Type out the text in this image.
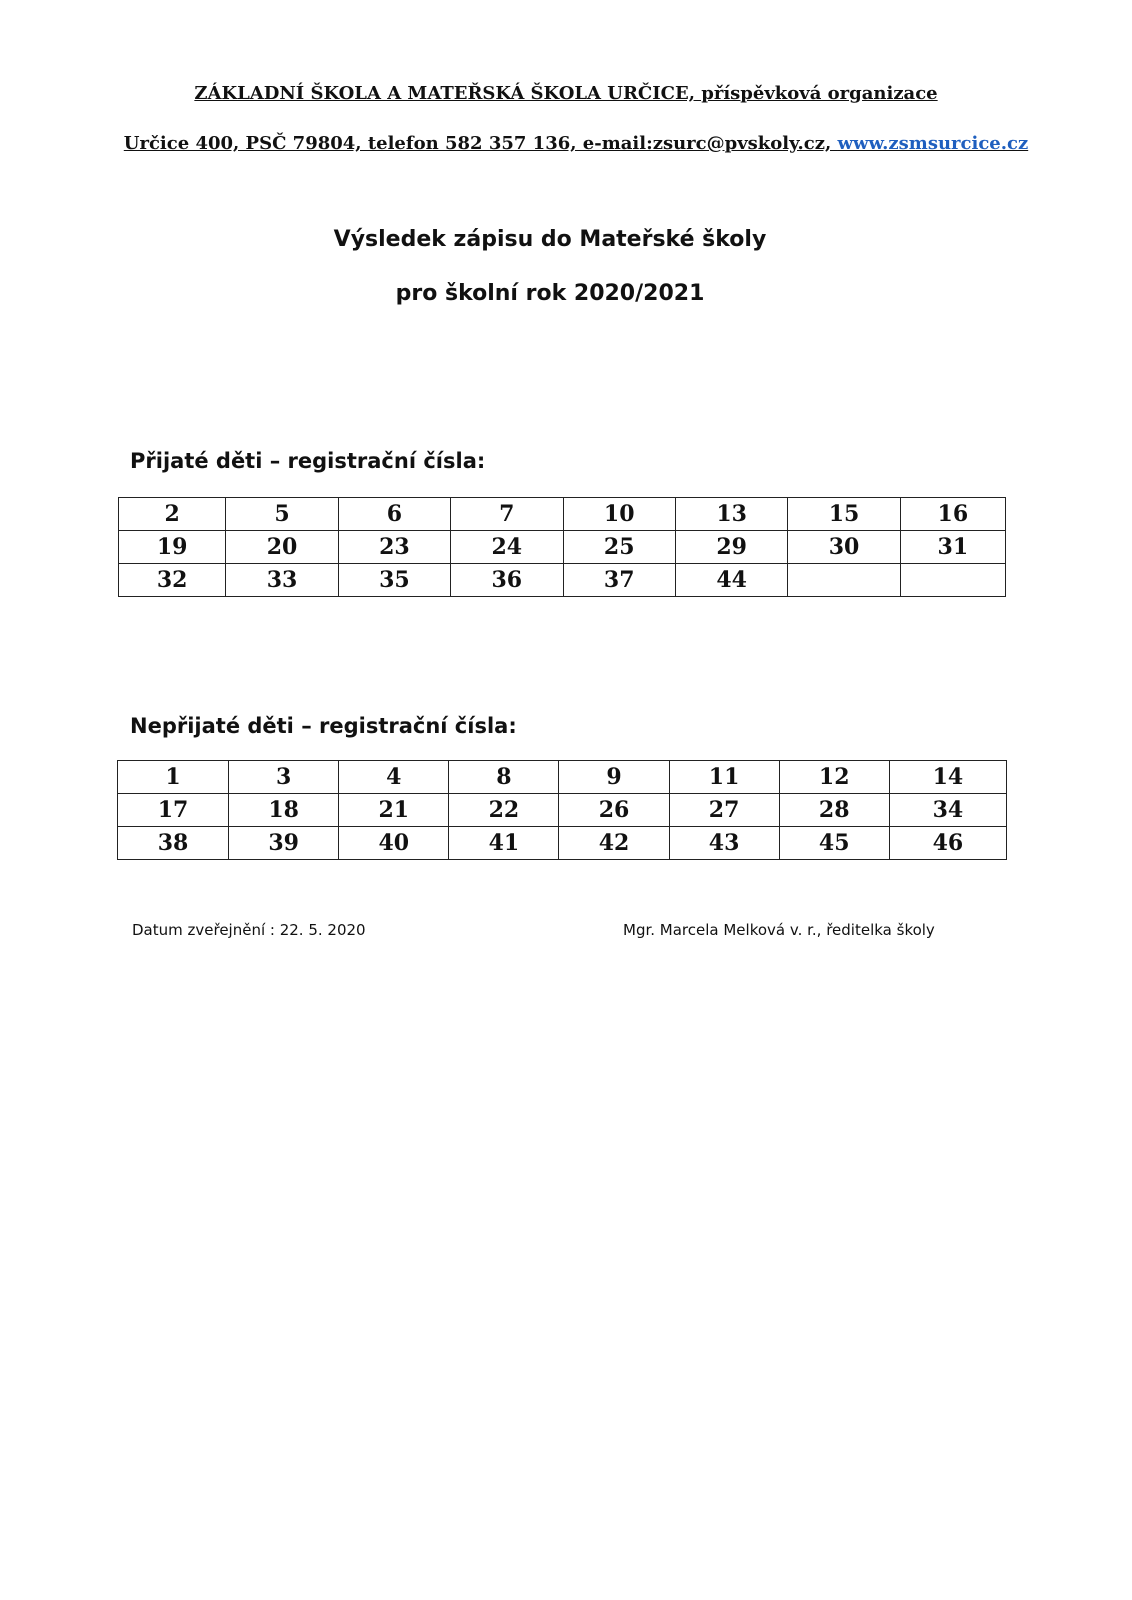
ZÁKLADNÍ ŠKOLA A MATEŘSKÁ ŠKOLA URČICE, příspěvková organizace
Určice 400, PSČ 79804, telefon 582 357 136, e-mail:zsurc@pvskoly.cz, www.zsmsurcice.cz
Výsledek zápisu do Mateřské školy
pro školní rok 2020/2021
Přijaté děti – registrační čísla:
2	5	6	7	10	13	15	16
19	20	23	24	25	29	30	31
32	33	35	36	37	44		
Nepřijaté děti – registrační čísla:
1	3	4	8	9	11	12	14
17	18	21	22	26	27	28	34
38	39	40	41	42	43	45	46
Datum zveřejnění : 22. 5. 2020	Mgr. Marcela Melková v. r., ředitelka školy
